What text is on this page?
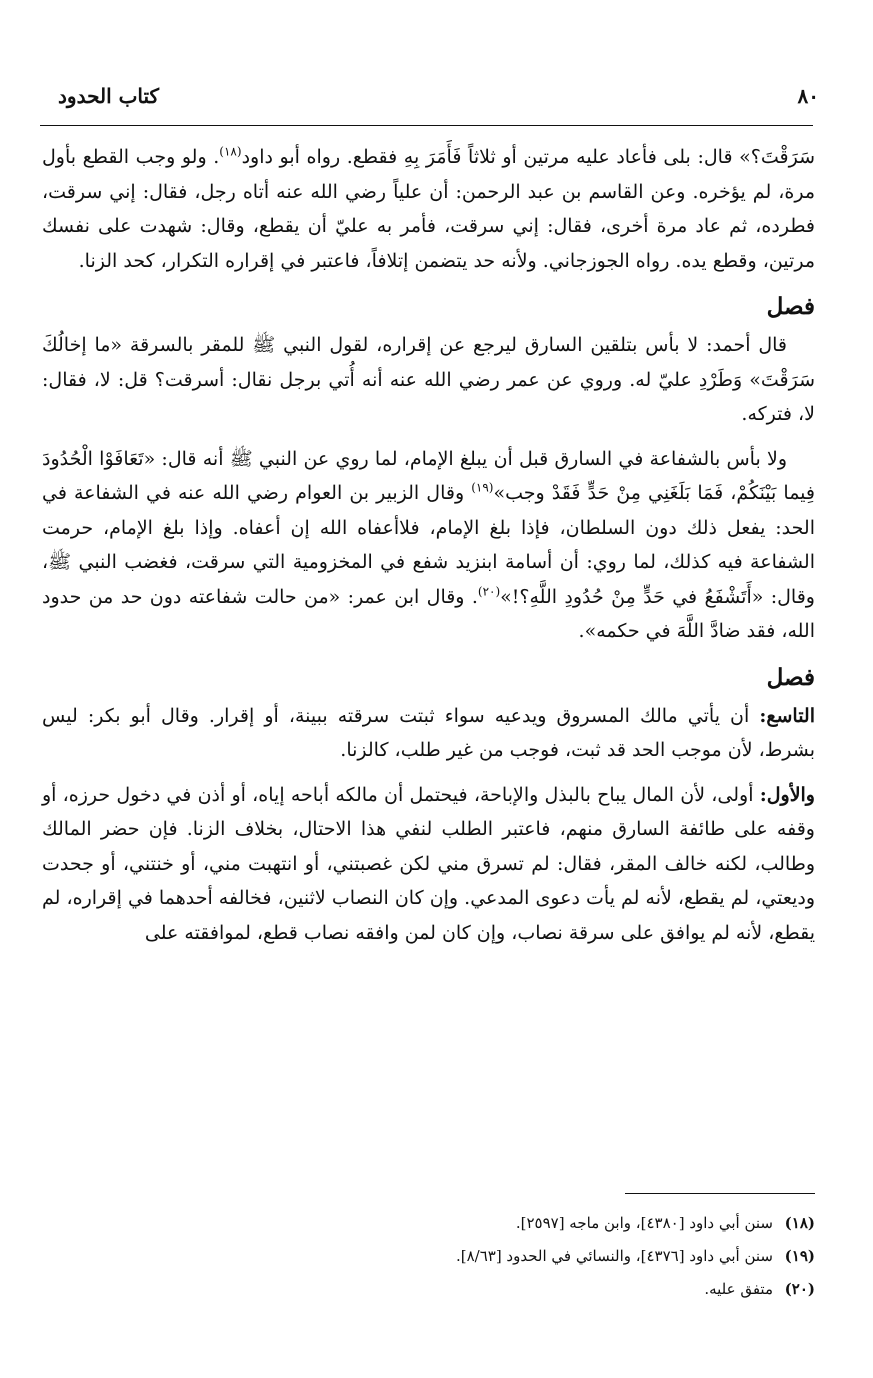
٨٠
كتاب الحدود

سَرَقْتَ؟» قال: بلى فأعاد عليه مرتين أو ثلاثاً فَأَمَرَ بِهِ فقطع. رواه أبو داود$^{(١٨)}$. ولو وجب القطع بأول مرة، لم يؤخره. وعن القاسم بن عبد الرحمن: أن علياً رضي الله عنه أتاه رجل، فقال: إني سرقت، فطرده، ثم عاد مرة أخرى، فقال: إني سرقت، فأمر به عليّ أن يقطع، وقال: شهدت على نفسك مرتين، وقطع يده. رواه الجوزجاني. ولأنه حد يتضمن إتلافاً، فاعتبر في إقراره التكرار، كحد الزنا.

فصل

قال أحمد: لا بأس بتلقين السارق ليرجع عن إقراره، لقول النبي ﷺ للمقر بالسرقة «ما إخالُكَ سَرَقْتَ» وَطَرْدِ عليّ له. وروي عن عمر رضي الله عنه أنه أُتي برجل نقال: أسرقت؟ قل: لا، فقال: لا، فتركه.

ولا بأس بالشفاعة في السارق قبل أن يبلغ الإمام، لما روي عن النبي ﷺ أنه قال: «تَعَافَوْا الْحُدُودَ فِيما بَيْنَكُمْ، فَمَا بَلَغَنِي مِنْ حَدٍّ فَقَدْ وجب»$^{(١٩)}$ وقال الزبير بن العوام رضي الله عنه في الشفاعة في الحد: يفعل ذلك دون السلطان، فإذا بلغ الإمام، فلاأعفاه الله إن أعفاه. وإذا بلغ الإمام، حرمت الشفاعة فيه كذلك، لما روي: أن أسامة ابنزيد شفع في المخزومية التي سرقت، فغضب النبي ﷺ، وقال: «أَتَشْفَعُ في حَدٍّ مِنْ حُدُودِ اللَّهِ؟!»$^{(٢٠)}$. وقال ابن عمر: «من حالت شفاعته دون حد من حدود الله، فقد ضادَّ اللَّهَ في حكمه».

فصل

التاسع: أن يأتي مالك المسروق ويدعيه سواء ثبتت سرقته ببينة، أو إقرار. وقال أبو بكر: ليس بشرط، لأن موجب الحد قد ثبت، فوجب من غير طلب، كالزنا.

والأول: أولى، لأن المال يباح بالبذل والإباحة، فيحتمل أن مالكه أباحه إياه، أو أذن في دخول حرزه، أو وقفه على طائفة السارق منهم، فاعتبر الطلب لنفي هذا الاحتال، بخلاف الزنا. فإن حضر المالك وطالب، لكنه خالف المقر، فقال: لم تسرق مني لكن غصبتني، أو انتهبت مني، أو خنتني، أو جحدت وديعتي، لم يقطع، لأنه لم يأت دعوى المدعي. وإن كان النصاب لاثنين، فخالفه أحدهما في إقراره، لم يقطع، لأنه لم يوافق على سرقة نصاب، وإن كان لمن وافقه نصاب قطع، لموافقته على

(١٨)سنن أبي داود [٤٣٨٠]، وابن ماجه [٢٥٩٧].

(١٩)سنن أبي داود [٤٣٧٦]، والنسائي في الحدود [٨/٦٣].

(٢٠)متفق عليه.
